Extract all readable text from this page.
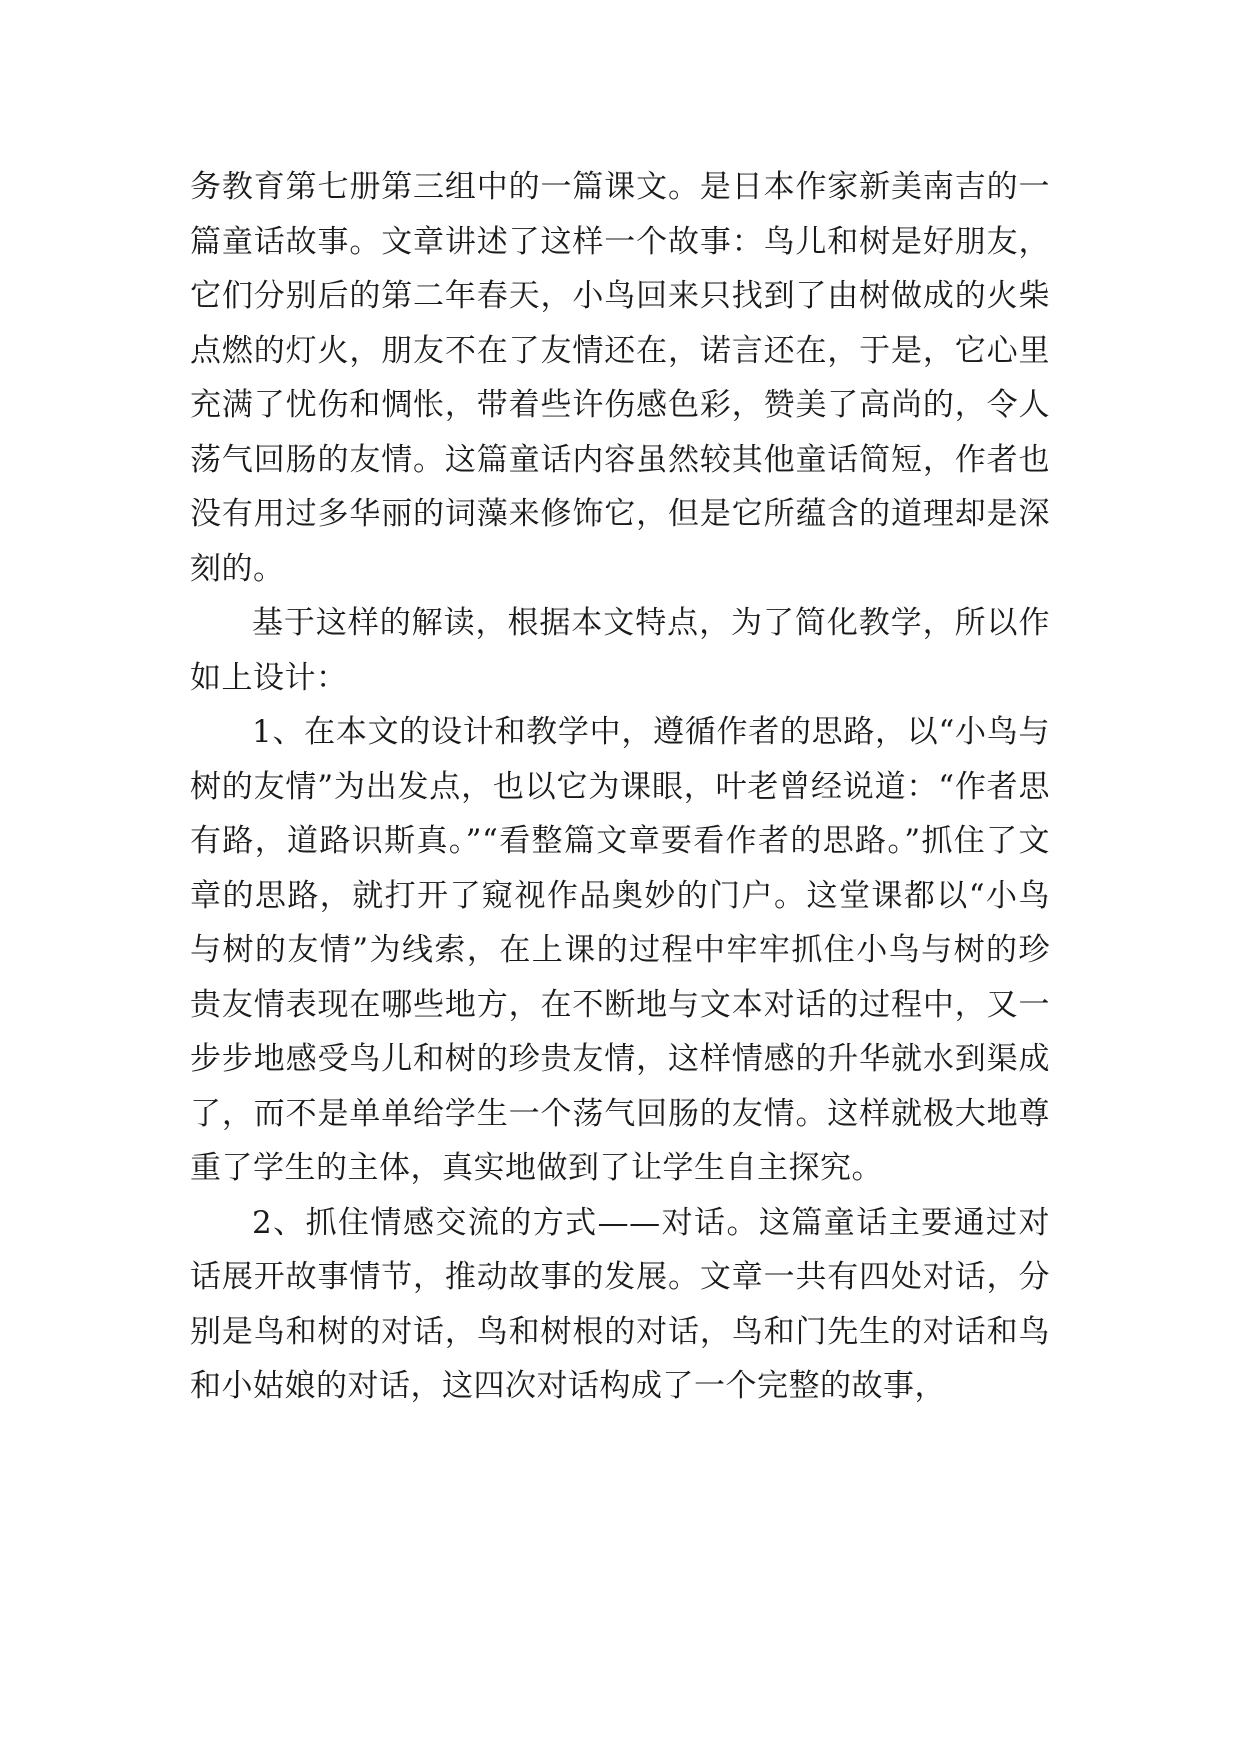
务教育第七册第三组中的一篇课文。是日本作家新美南吉的一篇童话故事。文章讲述了这样一个故事：鸟儿和树是好朋友，它们分别后的第二年春天，小鸟回来只找到了由树做成的火柴点燃的灯火，朋友不在了友情还在，诺言还在，于是，它心里充满了忧伤和惆怅，带着些许伤感色彩，赞美了高尚的，令人荡气回肠的友情。这篇童话内容虽然较其他童话简短，作者也没有用过多华丽的词藻来修饰它，但是它所蕴含的道理却是深刻的。

基于这样的解读，根据本文特点，为了简化教学，所以作如上设计：

1、在本文的设计和教学中，遵循作者的思路，以“小鸟与树的友情”为出发点，也以它为课眼，叶老曾经说道：“作者思有路，道路识斯真。”“看整篇文章要看作者的思路。”抓住了文章的思路，就打开了窥视作品奥妙的门户。这堂课都以“小鸟与树的友情”为线索，在上课的过程中牢牢抓住小鸟与树的珍贵友情表现在哪些地方，在不断地与文本对话的过程中，又一步步地感受鸟儿和树的珍贵友情，这样情感的升华就水到渠成了，而不是单单给学生一个荡气回肠的友情。这样就极大地尊重了学生的主体，真实地做到了让学生自主探究。

2、抓住情感交流的方式——对话。这篇童话主要通过对话展开故事情节，推动故事的发展。文章一共有四处对话，分别是鸟和树的对话，鸟和树根的对话，鸟和门先生的对话和鸟和小姑娘的对话，这四次对话构成了一个完整的故事，
